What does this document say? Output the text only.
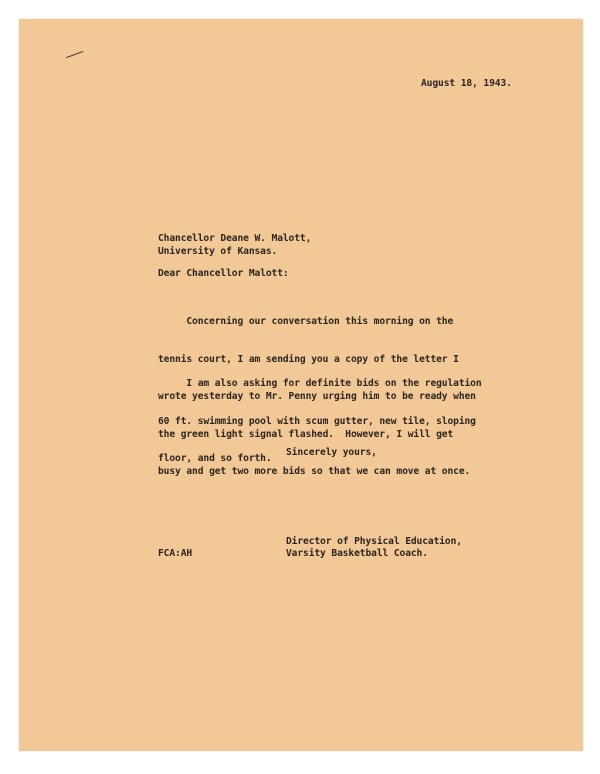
August 18, 1943.
Chancellor Deane W. Malott,
University of Kansas.
Dear Chancellor Malott:

Concerning our conversation this morning on the

tennis court, I am sending you a copy of the letter I

wrote yesterday to Mr. Penny urging him to be ready when

the green light signal flashed.  However, I will get

busy and get two more bids so that we can move at once.

I am also asking for definite bids on the regulation

60 ft. swimming pool with scum gutter, new tile, sloping

floor, and so forth.

Sincerely yours,
Director of Physical Education,
Varsity Basketball Coach.
FCA:AH
